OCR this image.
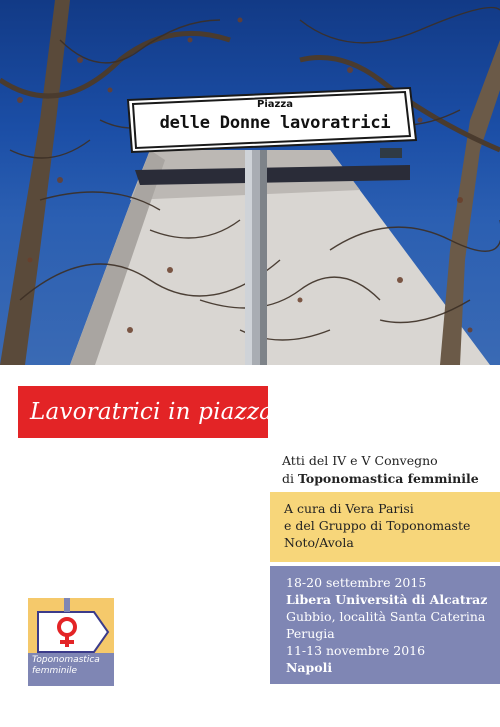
Piazza
delle Donne lavoratrici
Lavoratrici in piazza
Atti del IV e V Convegno
di Toponomastica femminile
A cura di Vera Parisi
e del Gruppo di Toponomaste
Noto/Avola
18-20 settembre 2015
Libera Università di Alcatraz
Gubbio, località Santa Caterina
Perugia
11-13 novembre 2016
Napoli
Toponomastica
femminile
